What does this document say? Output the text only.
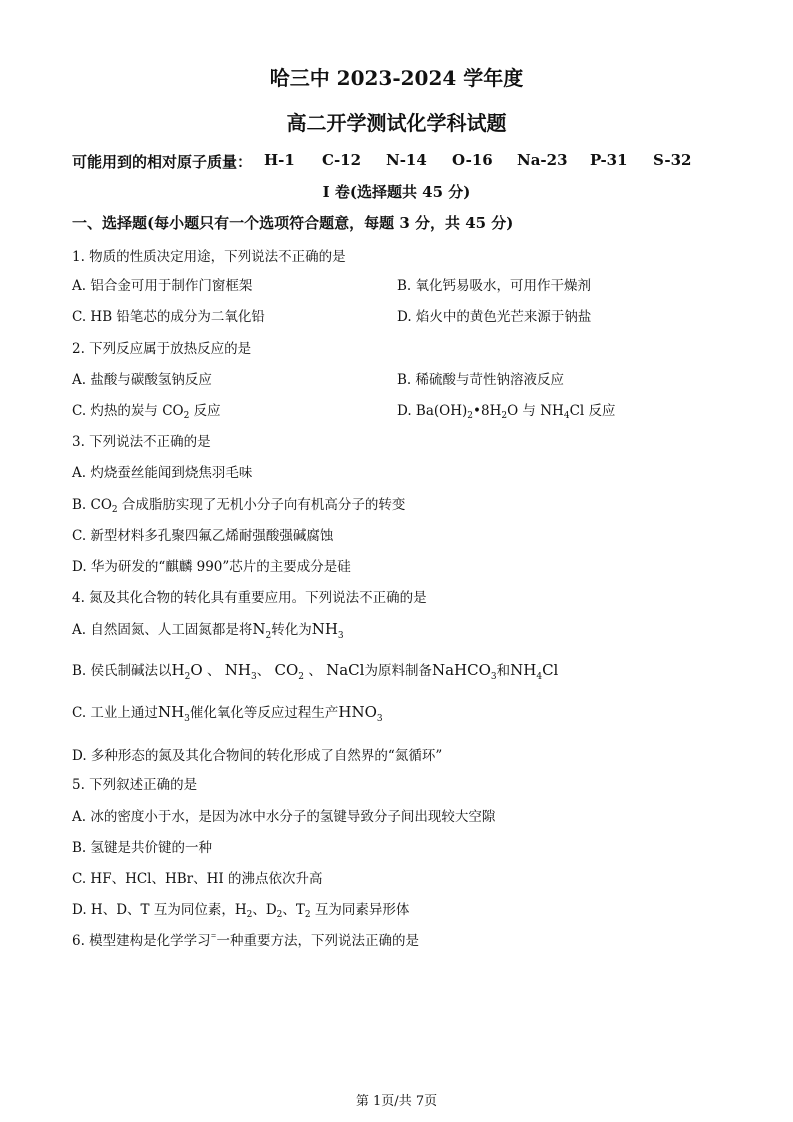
哈三中 2023-2024 学年度
高二开学测试化学科试题
可能用到的相对原子质量： H-1 C-12 N-14 O-16 Na-23 P-31 S-32
I 卷(选择题共 45 分)
一、选择题(每小题只有一个选项符合题意，每题 3 分，共 45 分)
1. 物质的性质决定用途，下列说法不正确的是
A. 铝合金可用于制作门窗框架	B. 氧化钙易吸水，可用作干燥剂
C. HB 铅笔芯的成分为二氧化铅	D. 焰火中的黄色光芒来源于钠盐
2. 下列反应属于放热反应的是
A. 盐酸与碳酸氢钠反应	B. 稀硫酸与苛性钠溶液反应
C. 灼热的炭与 $CO_2$ 反应	D. $Ba(OH)_2•8H_2O$ 与 $NH_4Cl$ 反应
3. 下列说法不正确的是
A. 灼烧蚕丝能闻到烧焦羽毛味
B. $CO_2$ 合成脂肪实现了无机小分子向有机高分子的转变
C. 新型材料多孔聚四氟乙烯耐强酸强碱腐蚀
D. 华为研发的“麒麟 990”芯片的主要成分是硅
4. 氮及其化合物的转化具有重要应用。下列说法不正确的是
A. 自然固氮、人工固氮都是将$N_2$转化为$NH_3$
B. 侯氏制碱法以$H_2O$ 、 $NH_3$、 $CO_2$ 、 NaCl为原料制备NaHCO$_3$和$NH_4Cl$
C. 工业上通过$NH_3$催化氧化等反应过程生产$HNO_3$
D. 多种形态的氮及其化合物间的转化形成了自然界的“氮循环”
5. 下列叙述正确的是
A. 冰的密度小于水，是因为冰中水分子的氢键导致分子间出现较大空隙
B. 氢键是共价键的一种
C. HF、HCl、HBr、HI 的沸点依次升高
D. H、D、T 互为同位素，$H_2$、$D_2$、$T_2$ 互为同素异形体
6. 模型建构是化学学习⁼一种重要方法，下列说法正确的是
第 1页/共 7页
